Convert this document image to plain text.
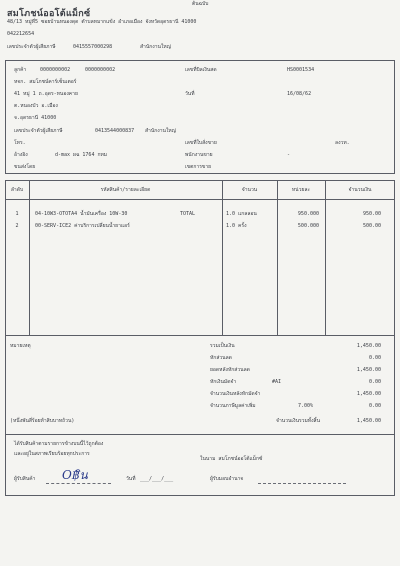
ต้นฉบับ
สมโภชน์ออโต้แม็กซ์
48/13 หมู่ที่5 ซอยบ้านหนองดุด ตำบลหมากแข้ง อำเภอเมือง จังหวัดอุดรธานี 41000
042212654
เลขประจำตัวผู้เสียภาษี	0415557000298	สำนักงานใหญ่
ลูกค้า	0000000002	0000000002
หจก. สมโภชน์คาร์เซ็นเตอร์
41 หมู่ 1 ถ.อุดร-หนองคาย
ต.หนองบัว อ.เมือง
จ.อุดรธานี 41000
เลขประจำตัวผู้เสียภาษี	0413544000837 สำนักงานใหญ่
โทร.
อ้างอิง	d-max ผฉ 1764 กทม
ขนส่งโดย
เลขที่บิลเงินสด	HS0001534
วันที่	16/08/62
เลขที่ใบสั่งขาย	ลงวท.
พนักงานขาย	-
เขตการขาย
ลำดับ	รหัสสินค้า/รายละเอียด	จำนวน	หน่วยละ	จำนวนเงิน
1	04-10W3-OTOTA4 น้ำมันเครื่อง 10W-30	TOTAL	1.0 แกลลอน	950.000	950.00
2	00-SERV-ICE2 ค่าบริการเปลี่ยนน้ำยาแอร์	1.0 ครั้ง	500.000	500.00
หมายเหตุ
(หนึ่งพันสี่ร้อยห้าสิบบาทถ้วน)
รวมเป็นเงิน	1,450.00
หักส่วนลด	0.00
ยอดหลังหักส่วนลด	1,450.00
หักเงินมัดจำ	#AI	0.00
จำนวนเงินหลังหักมัดจำ	1,450.00
จำนวนภาษีมูลค่าเพิ่ม	7.00%	0.00
จำนวนเงินรวมทั้งสิ้น	1,450.00
ได้รับสินค้าตามรายการข้างบนนี้ไว้ถูกต้อง
และอยู่ในสภาพเรียบร้อยทุกประการ
ในนาม สมโภชน์ออโต้แม็กซ์
ผู้รับสินค้า O฿ิน	วันที่ ___/___/___	ผู้รับมอบอำนาจ
